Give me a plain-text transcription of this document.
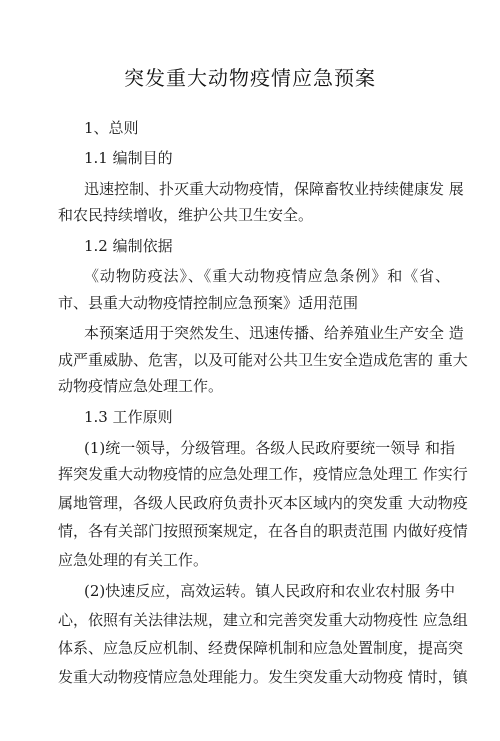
突发重大动物疫情应急预案
1、总则
1.1 编制目的
迅速控制、扑灭重大动物疫情，保障畜牧业持续健康发 展
和农民持续增收，维护公共卫生安全。
1.2 编制依据
《动物防疫法》、《重大动物疫情应急条例》和《省、
市、县重大动物疫情控制应急预案》适用范围
本预案适用于突然发生、迅速传播、给养殖业生产安全 造
成严重威胁、危害，以及可能对公共卫生安全造成危害的 重大
动物疫情应急处理工作。
1.3 工作原则
(1)统一领导，分级管理。各级人民政府要统一领导 和指
挥突发重大动物疫情的应急处理工作，疫情应急处理工 作实行
属地管理，各级人民政府负责扑灭本区域内的突发重 大动物疫
情，各有关部门按照预案规定，在各自的职责范围 内做好疫情
应急处理的有关工作。
(2)快速反应，高效运转。镇人民政府和农业农村服 务中
心，依照有关法律法规，建立和完善突发重大动物疫性 应急组
体系、应急反应机制、经费保障机制和应急处置制度，提高突
发重大动物疫情应急处理能力。发生突发重大动物疫 情时，镇
